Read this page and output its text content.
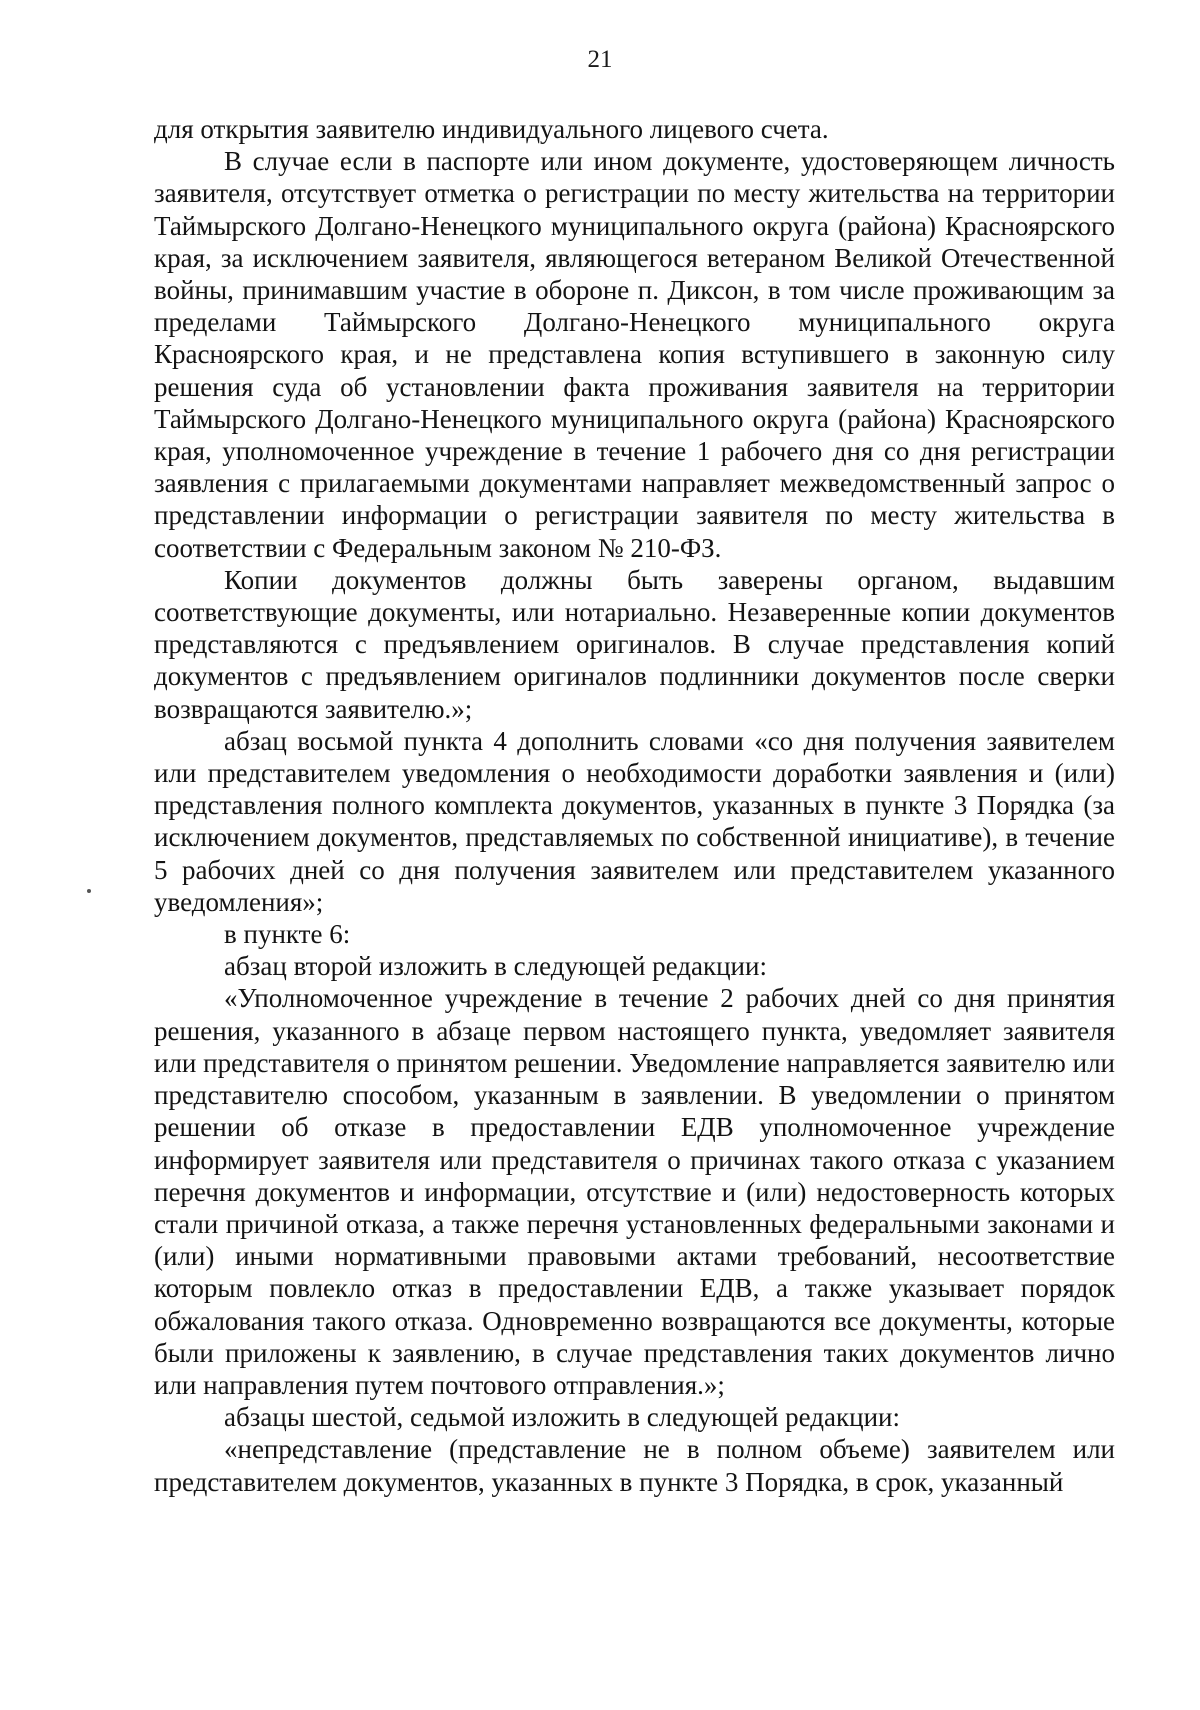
21

для открытия заявителю индивидуального лицевого счета.

В случае если в паспорте или ином документе, удостоверяющем личность заявителя, отсутствует отметка о регистрации по месту жительства на территории Таймырского Долгано-Ненецкого муниципального округа (района) Красноярского края, за исключением заявителя, являющегося ветераном Великой Отечественной войны, принимавшим участие в обороне п. Диксон, в том числе проживающим за пределами Таймырского Долгано-Ненецкого муниципального округа Красноярского края, и не представлена копия вступившего в законную силу решения суда об установлении факта проживания заявителя на территории Таймырского Долгано-Ненецкого муниципального округа (района) Красноярского края, уполномоченное учреждение в течение 1 рабочего дня со дня регистрации заявления с прилагаемыми документами направляет межведомственный запрос о представлении информации о регистрации заявителя по месту жительства в соответствии с Федеральным законом № 210-ФЗ.

Копии документов должны быть заверены органом, выдавшим соответствующие документы, или нотариально. Незаверенные копии документов представляются с предъявлением оригиналов. В случае представления копий документов с предъявлением оригиналов подлинники документов после сверки возвращаются заявителю.»;

абзац восьмой пункта 4 дополнить словами «со дня получения заявителем или представителем уведомления о необходимости доработки заявления и (или) представления полного комплекта документов, указанных в пункте 3 Порядка (за исключением документов, представляемых по собственной инициативе), в течение 5 рабочих дней со дня получения заявителем или представителем указанного уведомления»;

в пункте 6:

абзац второй изложить в следующей редакции:

«Уполномоченное учреждение в течение 2 рабочих дней со дня принятия решения, указанного в абзаце первом настоящего пункта, уведомляет заявителя или представителя о принятом решении. Уведомление направляется заявителю или представителю способом, указанным в заявлении. В уведомлении о принятом решении об отказе в предоставлении ЕДВ уполномоченное учреждение информирует заявителя или представителя о причинах такого отказа с указанием перечня документов и информации, отсутствие и (или) недостоверность которых стали причиной отказа, а также перечня установленных федеральными законами и (или) иными нормативными правовыми актами требований, несоответствие которым повлекло отказ в предоставлении ЕДВ, а также указывает порядок обжалования такого отказа. Одновременно возвращаются все документы, которые были приложены к заявлению, в случае представления таких документов лично или направления путем почтового отправления.»;

абзацы шестой, седьмой изложить в следующей редакции:

«непредставление (представление не в полном объеме) заявителем или представителем документов, указанных в пункте 3 Порядка, в срок, указанный
